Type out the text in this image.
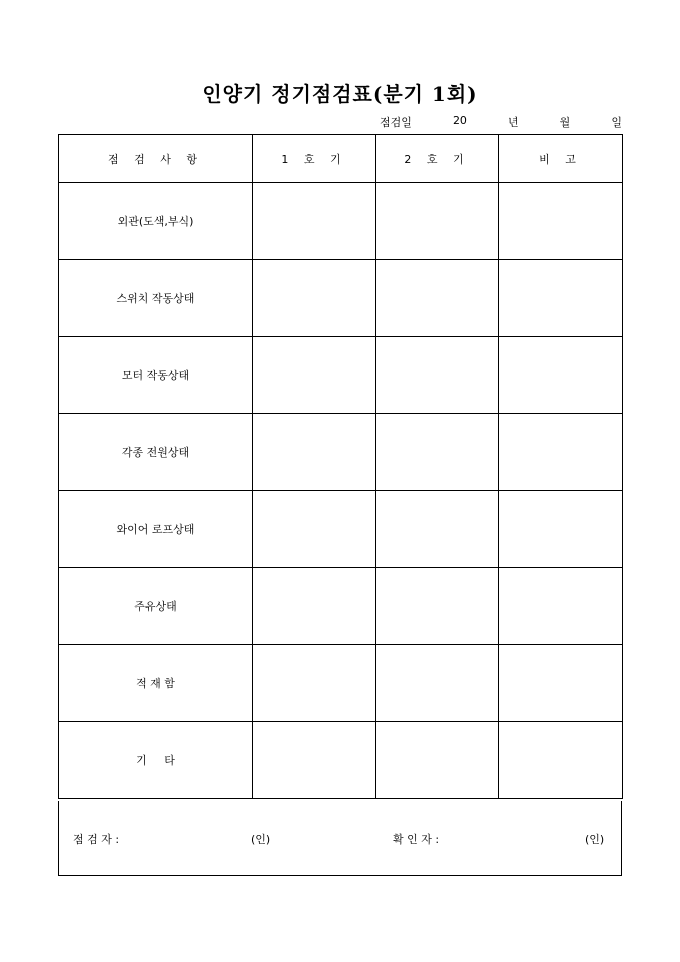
인양기 정기점검표(분기 1회)
점검일	20	년	월	일
점 검 사 항	1 호 기	2 호 기	비 고
외관(도색,부식)			
스위치 작동상태			
모터 작동상태			
각종 전원상태			
와이어 로프상태			
주유상태			
적 재 함			
기     타			
점 검 자 :	(인)	확 인 자 :	(인)
